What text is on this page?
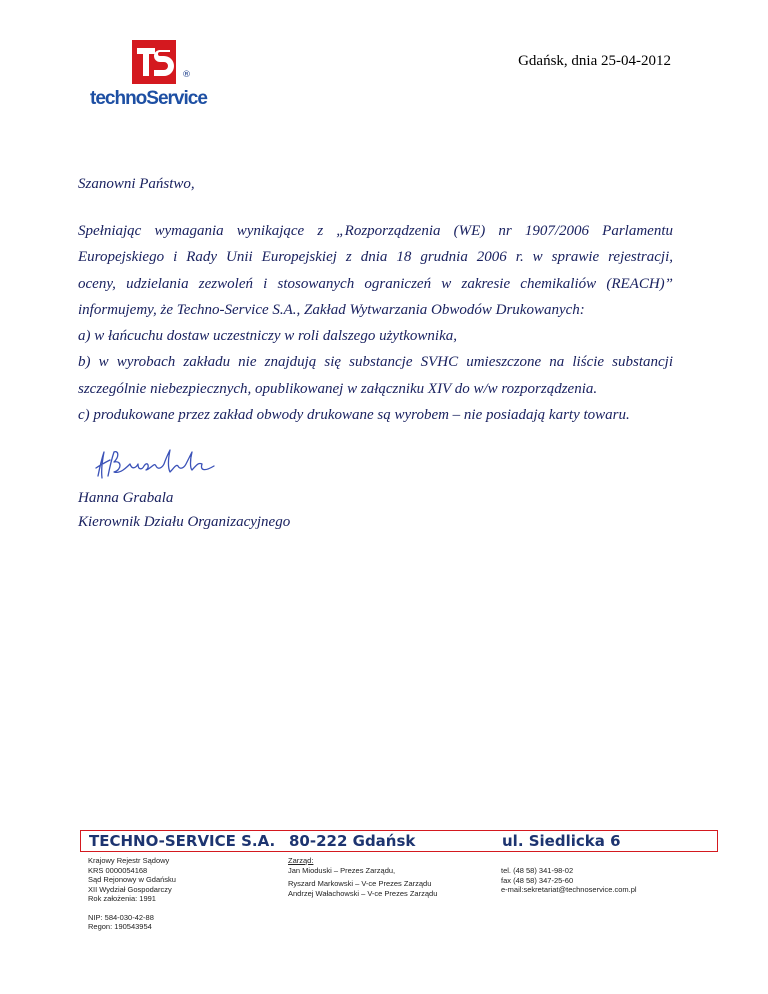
®
technoService
Gdańsk, dnia 25-04-2012
Szanowni Państwo,

Spełniając wymagania wynikające z „Rozporządzenia (WE) nr 1907/2006 Parlamentu

Europejskiego i Rady Unii Europejskiej z dnia 18 grudnia 2006 r. w sprawie rejestracji,

oceny, udzielania zezwoleń i stosowanych ograniczeń w zakresie chemikaliów (REACH)”

informujemy, że Techno-Service S.A., Zakład Wytwarzania Obwodów Drukowanych:

a) w łańcuchu dostaw uczestniczy w roli dalszego użytkownika,

b) w wyrobach zakładu nie znajdują się substancje SVHC umieszczone na liście substancji

szczególnie niebezpiecznych, opublikowanej w załączniku XIV do w/w rozporządzenia.

c) produkowane przez zakład obwody drukowane są wyrobem – nie posiadają karty towaru.

Hanna Grabala
Kierownik Działu Organizacyjnego
TECHNO-SERVICE S.A. 80-222 Gdańsk	ul. Siedlicka 6
Krajowy Rejestr Sądowy
KRS 0000054168
Sąd Rejonowy w Gdańsku
XII Wydział Gospodarczy
Rok założenia: 1991
NIP: 584-030-42-88
Regon: 190543954
Zarząd:
Jan Mioduski – Prezes Zarządu,
Ryszard Markowski – V-ce Prezes Zarządu
Andrzej Wałachowski – V-ce Prezes Zarządu
tel. (48 58) 341-98-02
fax (48 58) 347-25-60
e-mail:sekretariat@technoservice.com.pl
